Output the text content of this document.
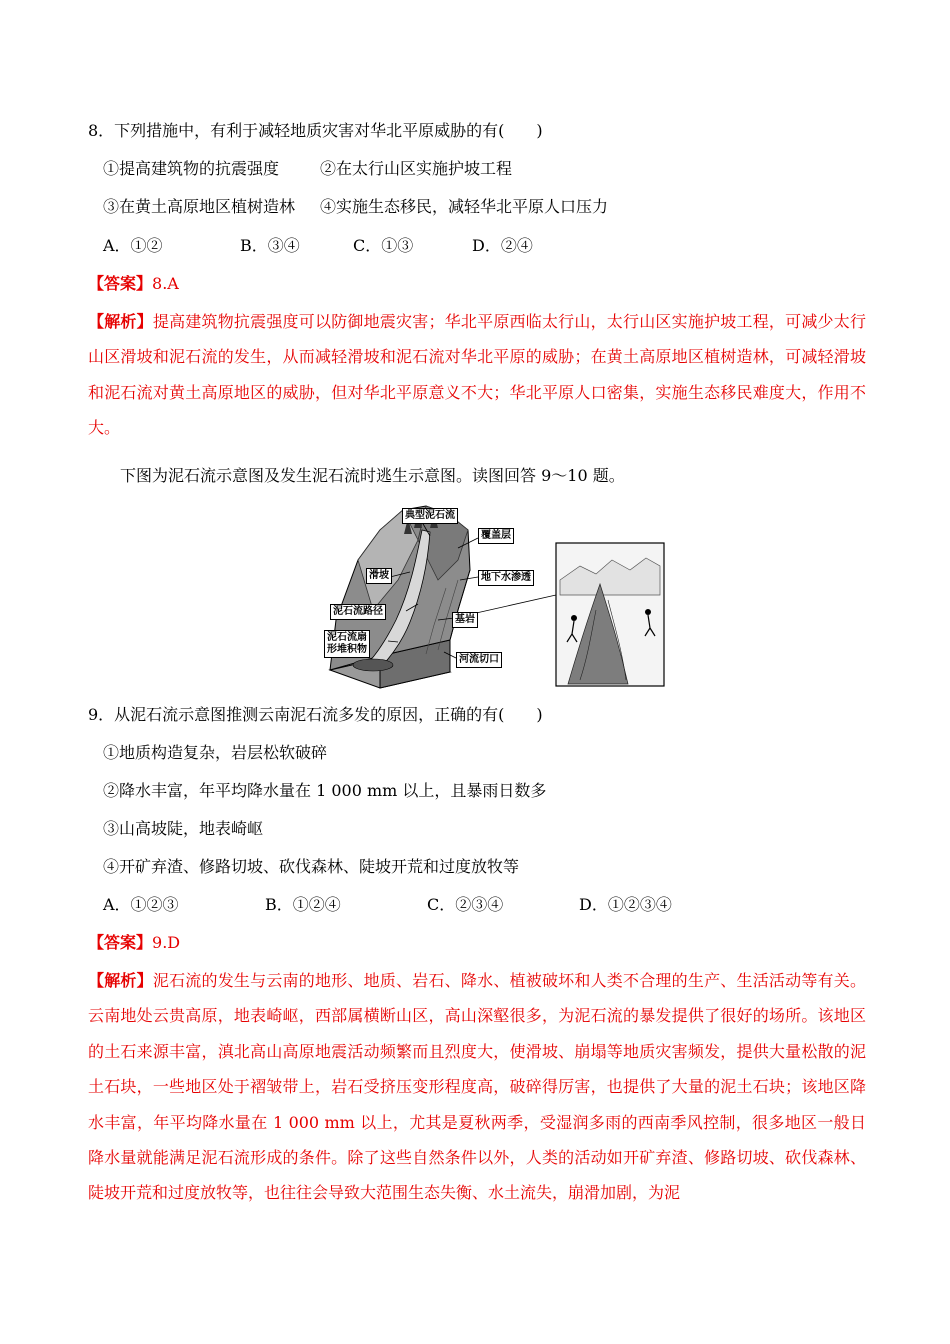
8．下列措施中，有利于减轻地质灾害对华北平原威胁的有(　　)
①提高建筑物的抗震强度	②在太行山区实施护坡工程
③在黄土高原地区植树造林 ④实施生态移民，减轻华北平原人口压力
A．①②	B．③④	C．①③	D．②④
【答案】8.A
【解析】提高建筑物抗震强度可以防御地震灾害；华北平原西临太行山，太行山区实施护坡工程，可减少太行山区滑坡和泥石流的发生，从而减轻滑坡和泥石流对华北平原的威胁；在黄土高原地区植树造林，可减轻滑坡和泥石流对黄土高原地区的威胁，但对华北平原意义不大；华北平原人口密集，实施生态移民难度大，作用不大。
下图为泥石流示意图及发生泥石流时逃生示意图。读图回答 9～10 题。
典型泥石流
覆盖层
滑坡	地下水渗透
泥石流路径
基岩
泥石流扇
形堆积物
河流切口
9．从泥石流示意图推测云南泥石流多发的原因，正确的有(　　)
①地质构造复杂，岩层松软破碎
②降水丰富，年平均降水量在 1 000 mm 以上，且暴雨日数多
③山高坡陡，地表崎岖
④开矿弃渣、修路切坡、砍伐森林、陡坡开荒和过度放牧等
A．①②③	B．①②④	C．②③④	D．①②③④
【答案】9.D
【解析】泥石流的发生与云南的地形、地质、岩石、降水、植被破坏和人类不合理的生产、生活活动等有关。云南地处云贵高原，地表崎岖，西部属横断山区，高山深壑很多，为泥石流的暴发提供了很好的场所。该地区的土石来源丰富，滇北高山高原地震活动频繁而且烈度大，使滑坡、崩塌等地质灾害频发，提供大量松散的泥土石块，一些地区处于褶皱带上，岩石受挤压变形程度高，破碎得厉害，也提供了大量的泥土石块；该地区降水丰富，年平均降水量在 1 000 mm 以上，尤其是夏秋两季，受湿润多雨的西南季风控制，很多地区一般日降水量就能满足泥石流形成的条件。除了这些自然条件以外，人类的活动如开矿弃渣、修路切坡、砍伐森林、陡坡开荒和过度放牧等，也往往会导致大范围生态失衡、水土流失，崩滑加剧，为泥
